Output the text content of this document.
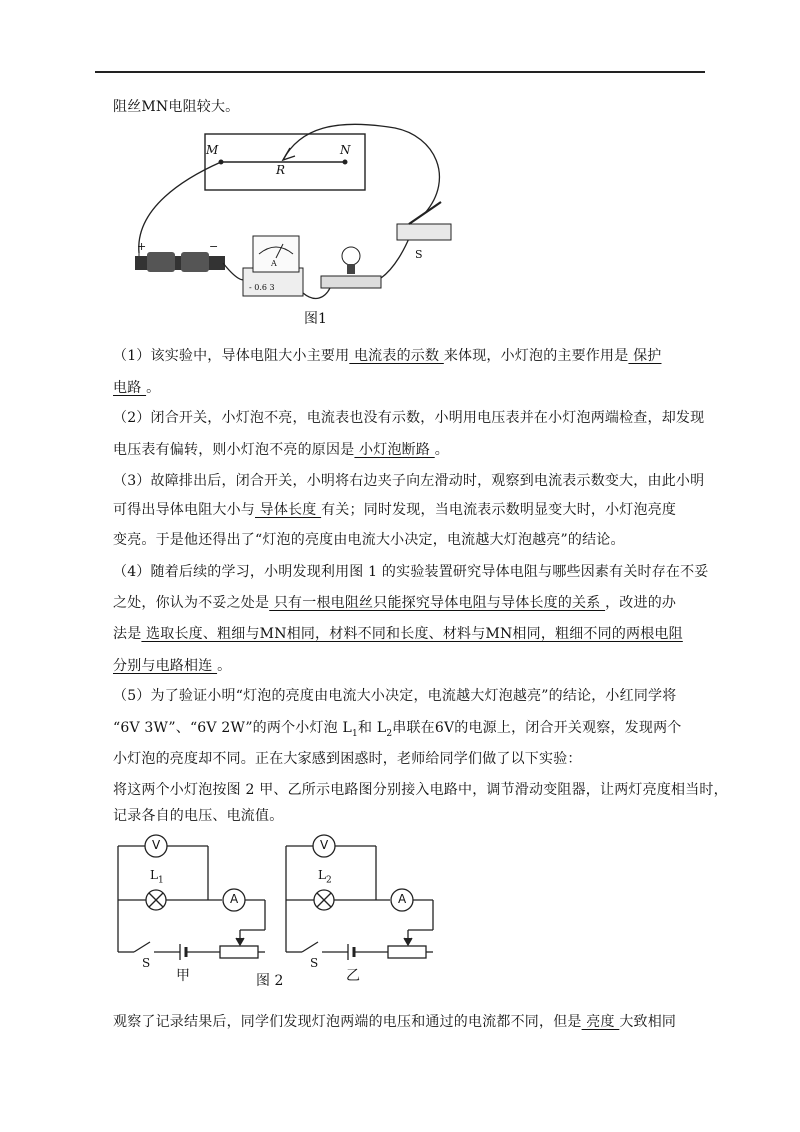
阻丝MN电阻较大。
+	−
A
- 0.6 3
S
M	N
R
图1
（1）该实验中，导体电阻大小主要用 电流表的示数 来体现，小灯泡的主要作用是 保护
电路 。
（2）闭合开关，小灯泡不亮，电流表也没有示数，小明用电压表并在小灯泡两端检查，却发现
电压表有偏转，则小灯泡不亮的原因是 小灯泡断路 。
（3）故障排出后，闭合开关，小明将右边夹子向左滑动时，观察到电流表示数变大，由此小明
可得出导体电阻大小与 导体长度 有关；同时发现，当电流表示数明显变大时，小灯泡亮度
变亮。于是他还得出了“灯泡的亮度由电流大小决定，电流越大灯泡越亮”的结论。
（4）随着后续的学习，小明发现利用图 1 的实验装置研究导体电阻与哪些因素有关时存在不妥
之处，你认为不妥之处是 只有一根电阻丝只能探究导体电阻与导体长度的关系 ，改进的办
法是 选取长度、粗细与MN相同，材料不同和长度、材料与MN相同，粗细不同的两根电阻
分别与电路相连 。
（5）为了验证小明“灯泡的亮度由电流大小决定，电流越大灯泡越亮”的结论，小红同学将
“6V 3W”、“6V 2W”的两个小灯泡 $L_1$和 $L_2$串联在6V的电源上，闭合开关观察，发现两个
小灯泡的亮度却不同。正在大家感到困惑时，老师给同学们做了以下实验：
将这两个小灯泡按图 2 甲、乙所示电路图分别接入电路中，调节滑动变阻器，让两灯亮度相当时，
记录各自的电压、电流值。
V
A
$L_1$
S
甲
V
A
$L_2$
S
乙
图 2
观察了记录结果后，同学们发现灯泡两端的电压和通过的电流都不同，但是 亮度 大致相同
